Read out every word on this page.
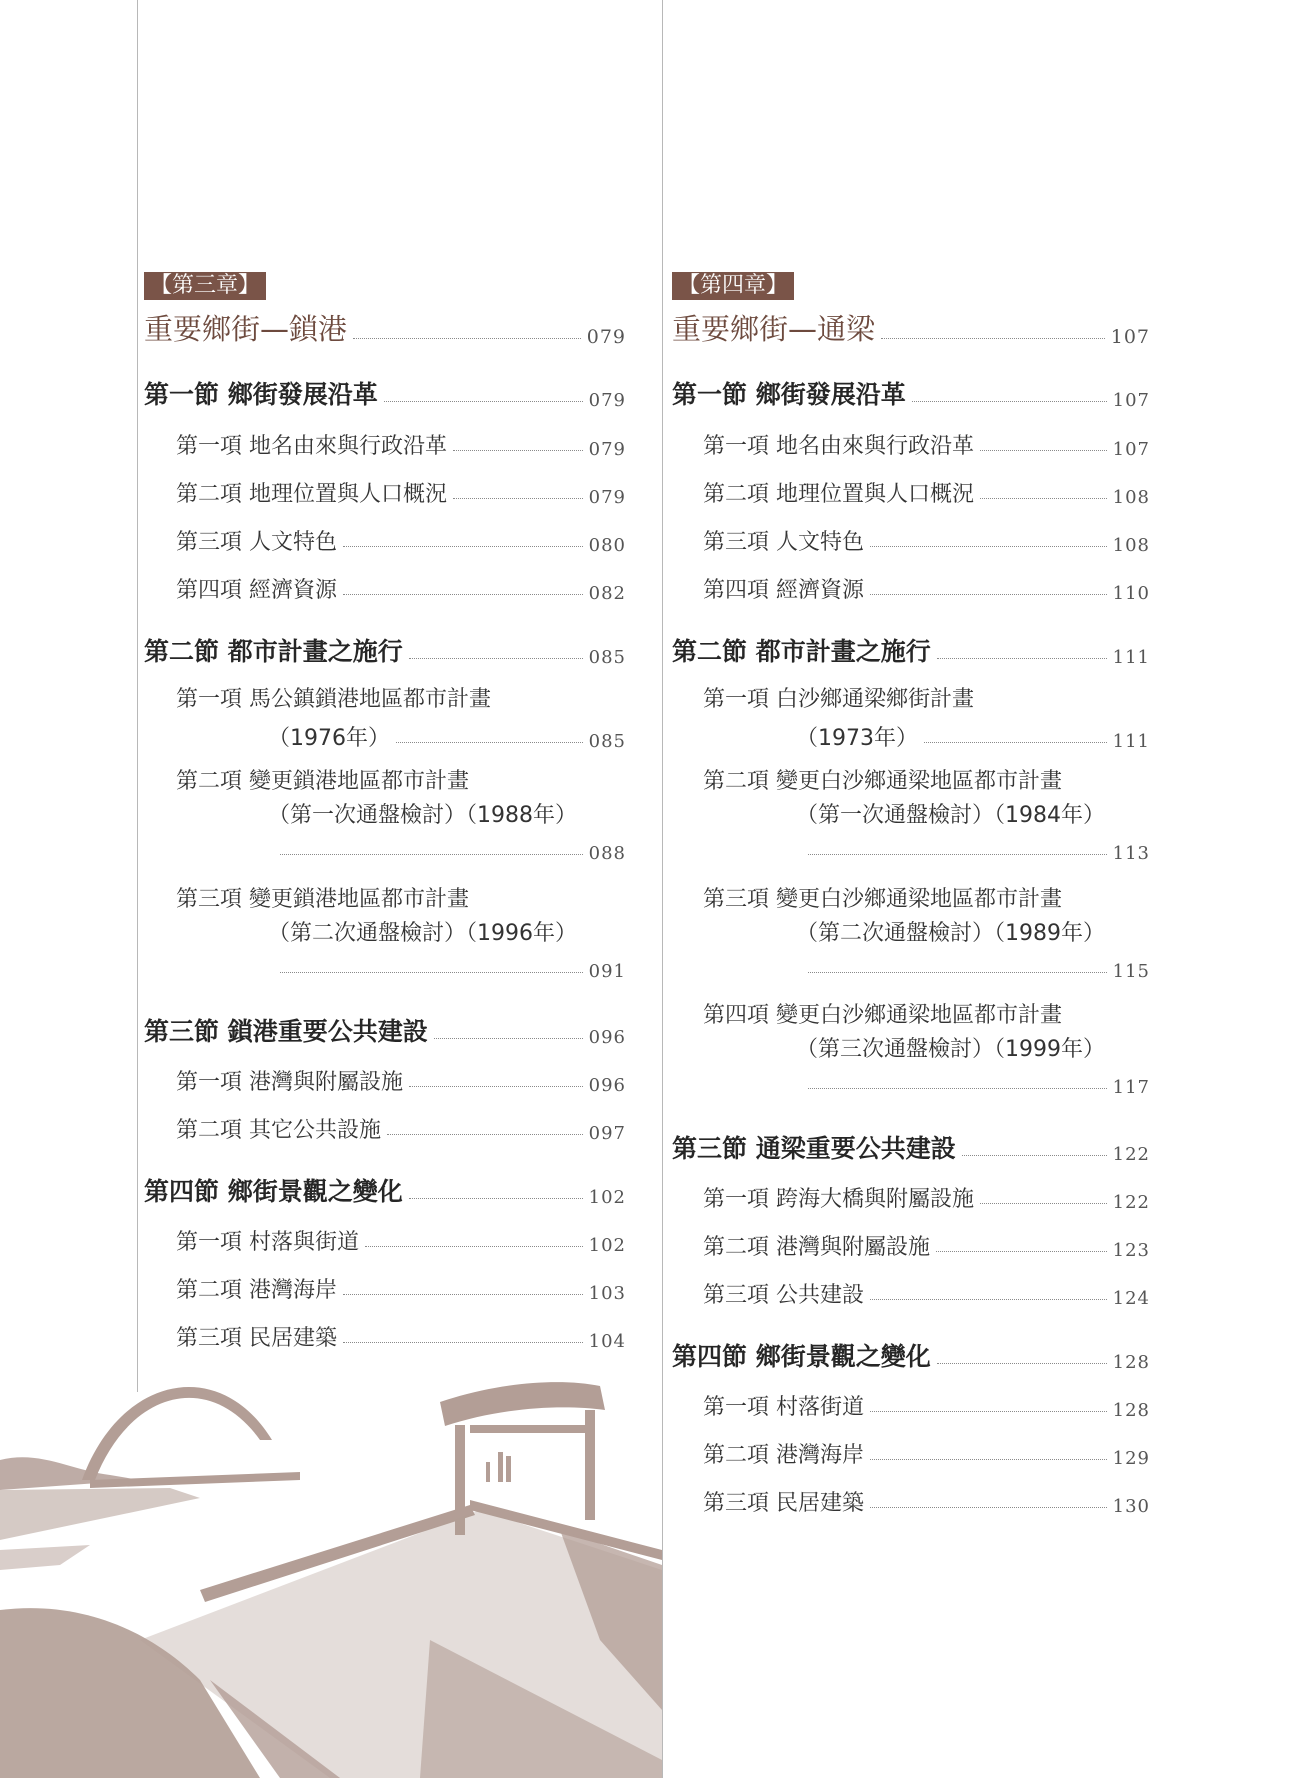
【第三章】
重要鄉街—鎖港	079
第一節 鄉街發展沿革	079
第一項 地名由來與行政沿革	079
第二項 地理位置與人口概況	079
第三項 人文特色	080
第四項 經濟資源	082
第二節 都市計畫之施行	085
第一項 馬公鎮鎖港地區都市計畫
（1976年）	085
第二項 變更鎖港地區都市計畫
（第一次通盤檢討）（1988年）
088
第三項 變更鎖港地區都市計畫
（第二次通盤檢討）（1996年）
091
第三節 鎖港重要公共建設	096
第一項 港灣與附屬設施	096
第二項 其它公共設施	097
第四節 鄉街景觀之變化	102
第一項 村落與街道	102
第二項 港灣海岸	103
第三項 民居建築	104
【第四章】
重要鄉街—通梁	107
第一節 鄉街發展沿革	107
第一項 地名由來與行政沿革	107
第二項 地理位置與人口概況	108
第三項 人文特色	108
第四項 經濟資源	110
第二節 都市計畫之施行	111
第一項 白沙鄉通梁鄉街計畫
（1973年）	111
第二項 變更白沙鄉通梁地區都市計畫
（第一次通盤檢討）（1984年）
113
第三項 變更白沙鄉通梁地區都市計畫
（第二次通盤檢討）（1989年）
115
第四項 變更白沙鄉通梁地區都市計畫
（第三次通盤檢討）（1999年）
117
第三節 通梁重要公共建設	122
第一項 跨海大橋與附屬設施	122
第二項 港灣與附屬設施	123
第三項 公共建設	124
第四節 鄉街景觀之變化	128
第一項 村落街道	128
第二項 港灣海岸	129
第三項 民居建築	130
